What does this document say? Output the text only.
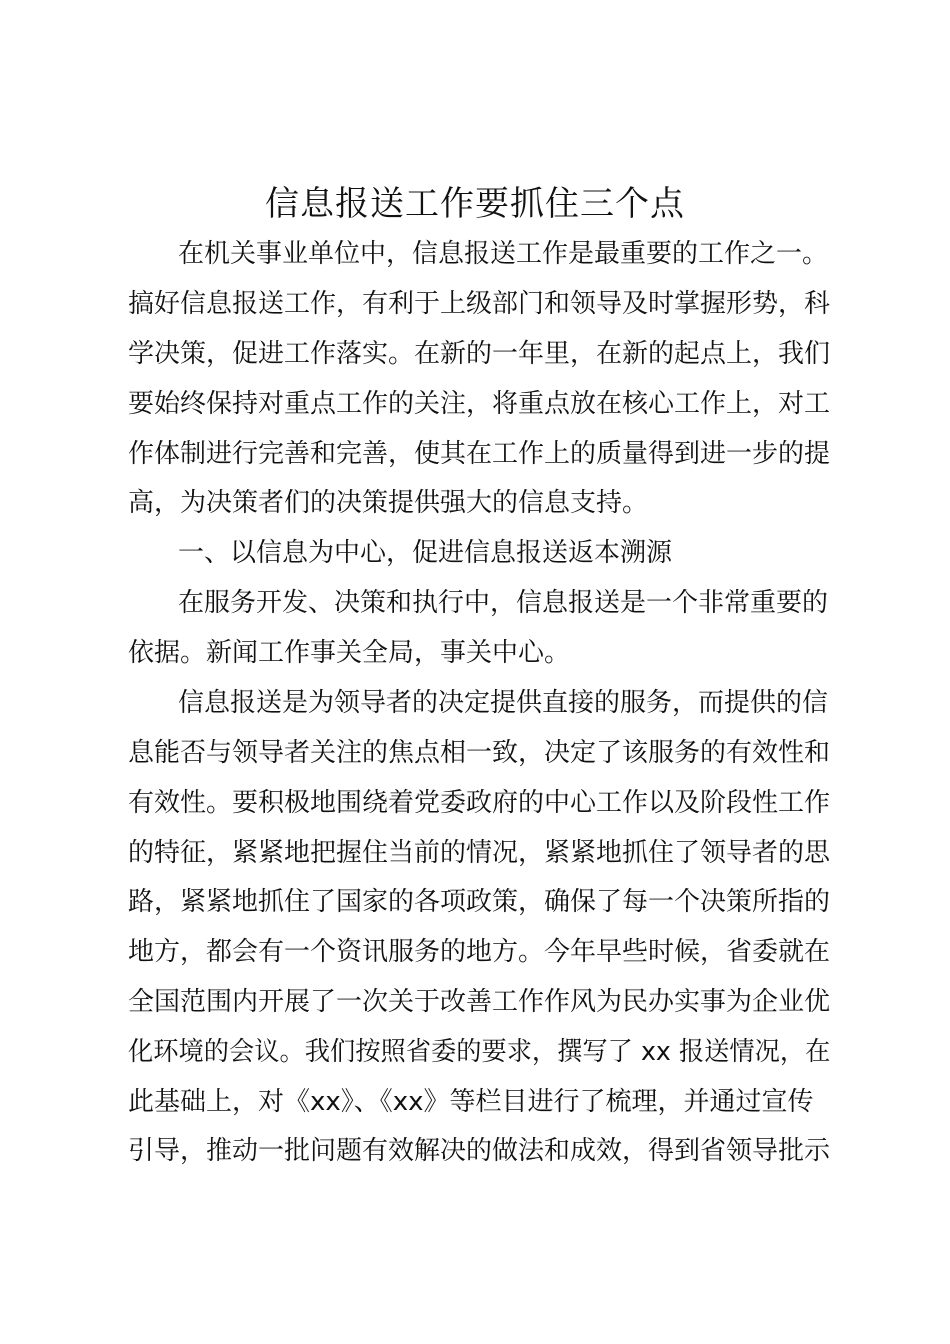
信息报送工作要抓住三个点

在机关事业单位中，信息报送工作是最重要的工作之一。

搞好信息报送工作，有利于上级部门和领导及时掌握形势，科

学决策，促进工作落实。在新的一年里，在新的起点上，我们

要始终保持对重点工作的关注，将重点放在核心工作上，对工

作体制进行完善和完善，使其在工作上的质量得到进一步的提

高，为决策者们的决策提供强大的信息支持。

一、以信息为中心，促进信息报送返本溯源

在服务开发、决策和执行中，信息报送是一个非常重要的

依据。新闻工作事关全局，事关中心。

信息报送是为领导者的决定提供直接的服务，而提供的信

息能否与领导者关注的焦点相一致，决定了该服务的有效性和

有效性。要积极地围绕着党委政府的中心工作以及阶段性工作

的特征，紧紧地把握住当前的情况，紧紧地抓住了领导者的思

路，紧紧地抓住了国家的各项政策，确保了每一个决策所指的

地方，都会有一个资讯服务的地方。今年早些时候，省委就在

全国范围内开展了一次关于改善工作作风为民办实事为企业优

化环境的会议。我们按照省委的要求，撰写了 xx 报送情况，在

此基础上，对《xx》、《xx》等栏目进行了梳理，并通过宣传

引导，推动一批问题有效解决的做法和成效，得到省领导批示
